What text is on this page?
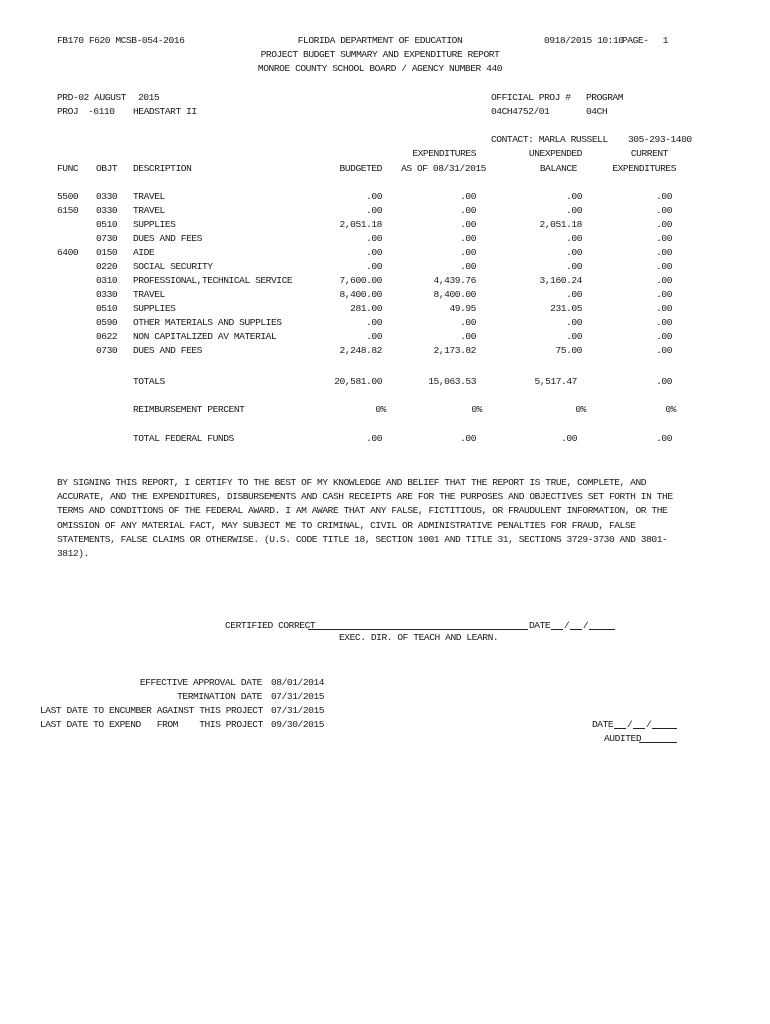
FB170 F620 MCSB-054-2016	FLORIDA DEPARTMENT OF EDUCATION
PROJECT BUDGET SUMMARY AND EXPENDITURE REPORT
MONROE COUNTY SCHOOL BOARD / AGENCY NUMBER 440
0918/2015 10:10
PAGE-	1
PRD-02 AUGUST 2015
PROJ -6110 HEADSTART II
OFFICIAL PROJ #
04CH4752/01
PROGRAM
04CH
CONTACT: MARLA RUSSELL 305-293-1400
EXPENDITURES	UNEXPENDED	CURRENT
FUNC OBJT DESCRIPTION	BUDGETED	AS OF 08/31/2015	BALANCE	EXPENDITURES
5500 0330 TRAVEL	.00	.00	.00	.00
6150 0330 TRAVEL	.00	.00	.00	.00
0510 SUPPLIES	2,051.18	.00	2,051.18	.00
0730 DUES AND FEES	.00	.00	.00	.00
6400 0150 AIDE	.00	.00	.00	.00
0220 SOCIAL SECURITY	.00	.00	.00	.00
0310 PROFESSIONAL,TECHNICAL SERVICE	7,600.00	4,439.76	3,160.24	.00
0330 TRAVEL	8,400.00	8,400.00	.00	.00
0510 SUPPLIES	281.00	49.95	231.05	.00
0590 OTHER MATERIALS AND SUPPLIES	.00	.00	.00	.00
0622 NON CAPITALIZED AV MATERIAL	.00	.00	.00	.00
0730 DUES AND FEES	2,248.82	2,173.82	75.00	.00
TOTALS	20,581.00	15,063.53	5,517.47	.00
REIMBURSEMENT PERCENT	0%	0%	0%	0%
TOTAL FEDERAL FUNDS	.00	.00	.00	.00
BY SIGNING THIS REPORT, I CERTIFY TO THE BEST OF MY KNOWLEDGE AND BELIEF THAT THE REPORT IS TRUE, COMPLETE, AND ACCURATE, AND THE EXPENDITURES, DISBURSEMENTS AND CASH RECEIPTS ARE FOR THE PURPOSES AND OBJECTIVES SET FORTH IN THE TERMS AND CONDITIONS OF THE FEDERAL AWARD. I AM AWARE THAT ANY FALSE, FICTITIOUS, OR FRAUDULENT INFORMATION, OR THE OMISSION OF ANY MATERIAL FACT, MAY SUBJECT ME TO CRIMINAL, CIVIL OR ADMINISTRATIVE PENALTIES FOR FRAUD, FALSE STATEMENTS, FALSE CLAIMS OR OTHERWISE. (U.S. CODE TITLE 18, SECTION 1001 AND TITLE 31, SECTIONS 3729-3730 AND 3801-3812).
CERTIFIED CORRECT	DATE / /
EXEC. DIR. OF TEACH AND LEARN.
EFFECTIVE APPROVAL DATE 08/01/2014
TERMINATION DATE 07/31/2015
LAST DATE TO ENCUMBER AGAINST THIS PROJECT 07/31/2015
LAST DATE TO EXPEND   FROM    THIS PROJECT 09/30/2015	DATE / /
AUDITED
